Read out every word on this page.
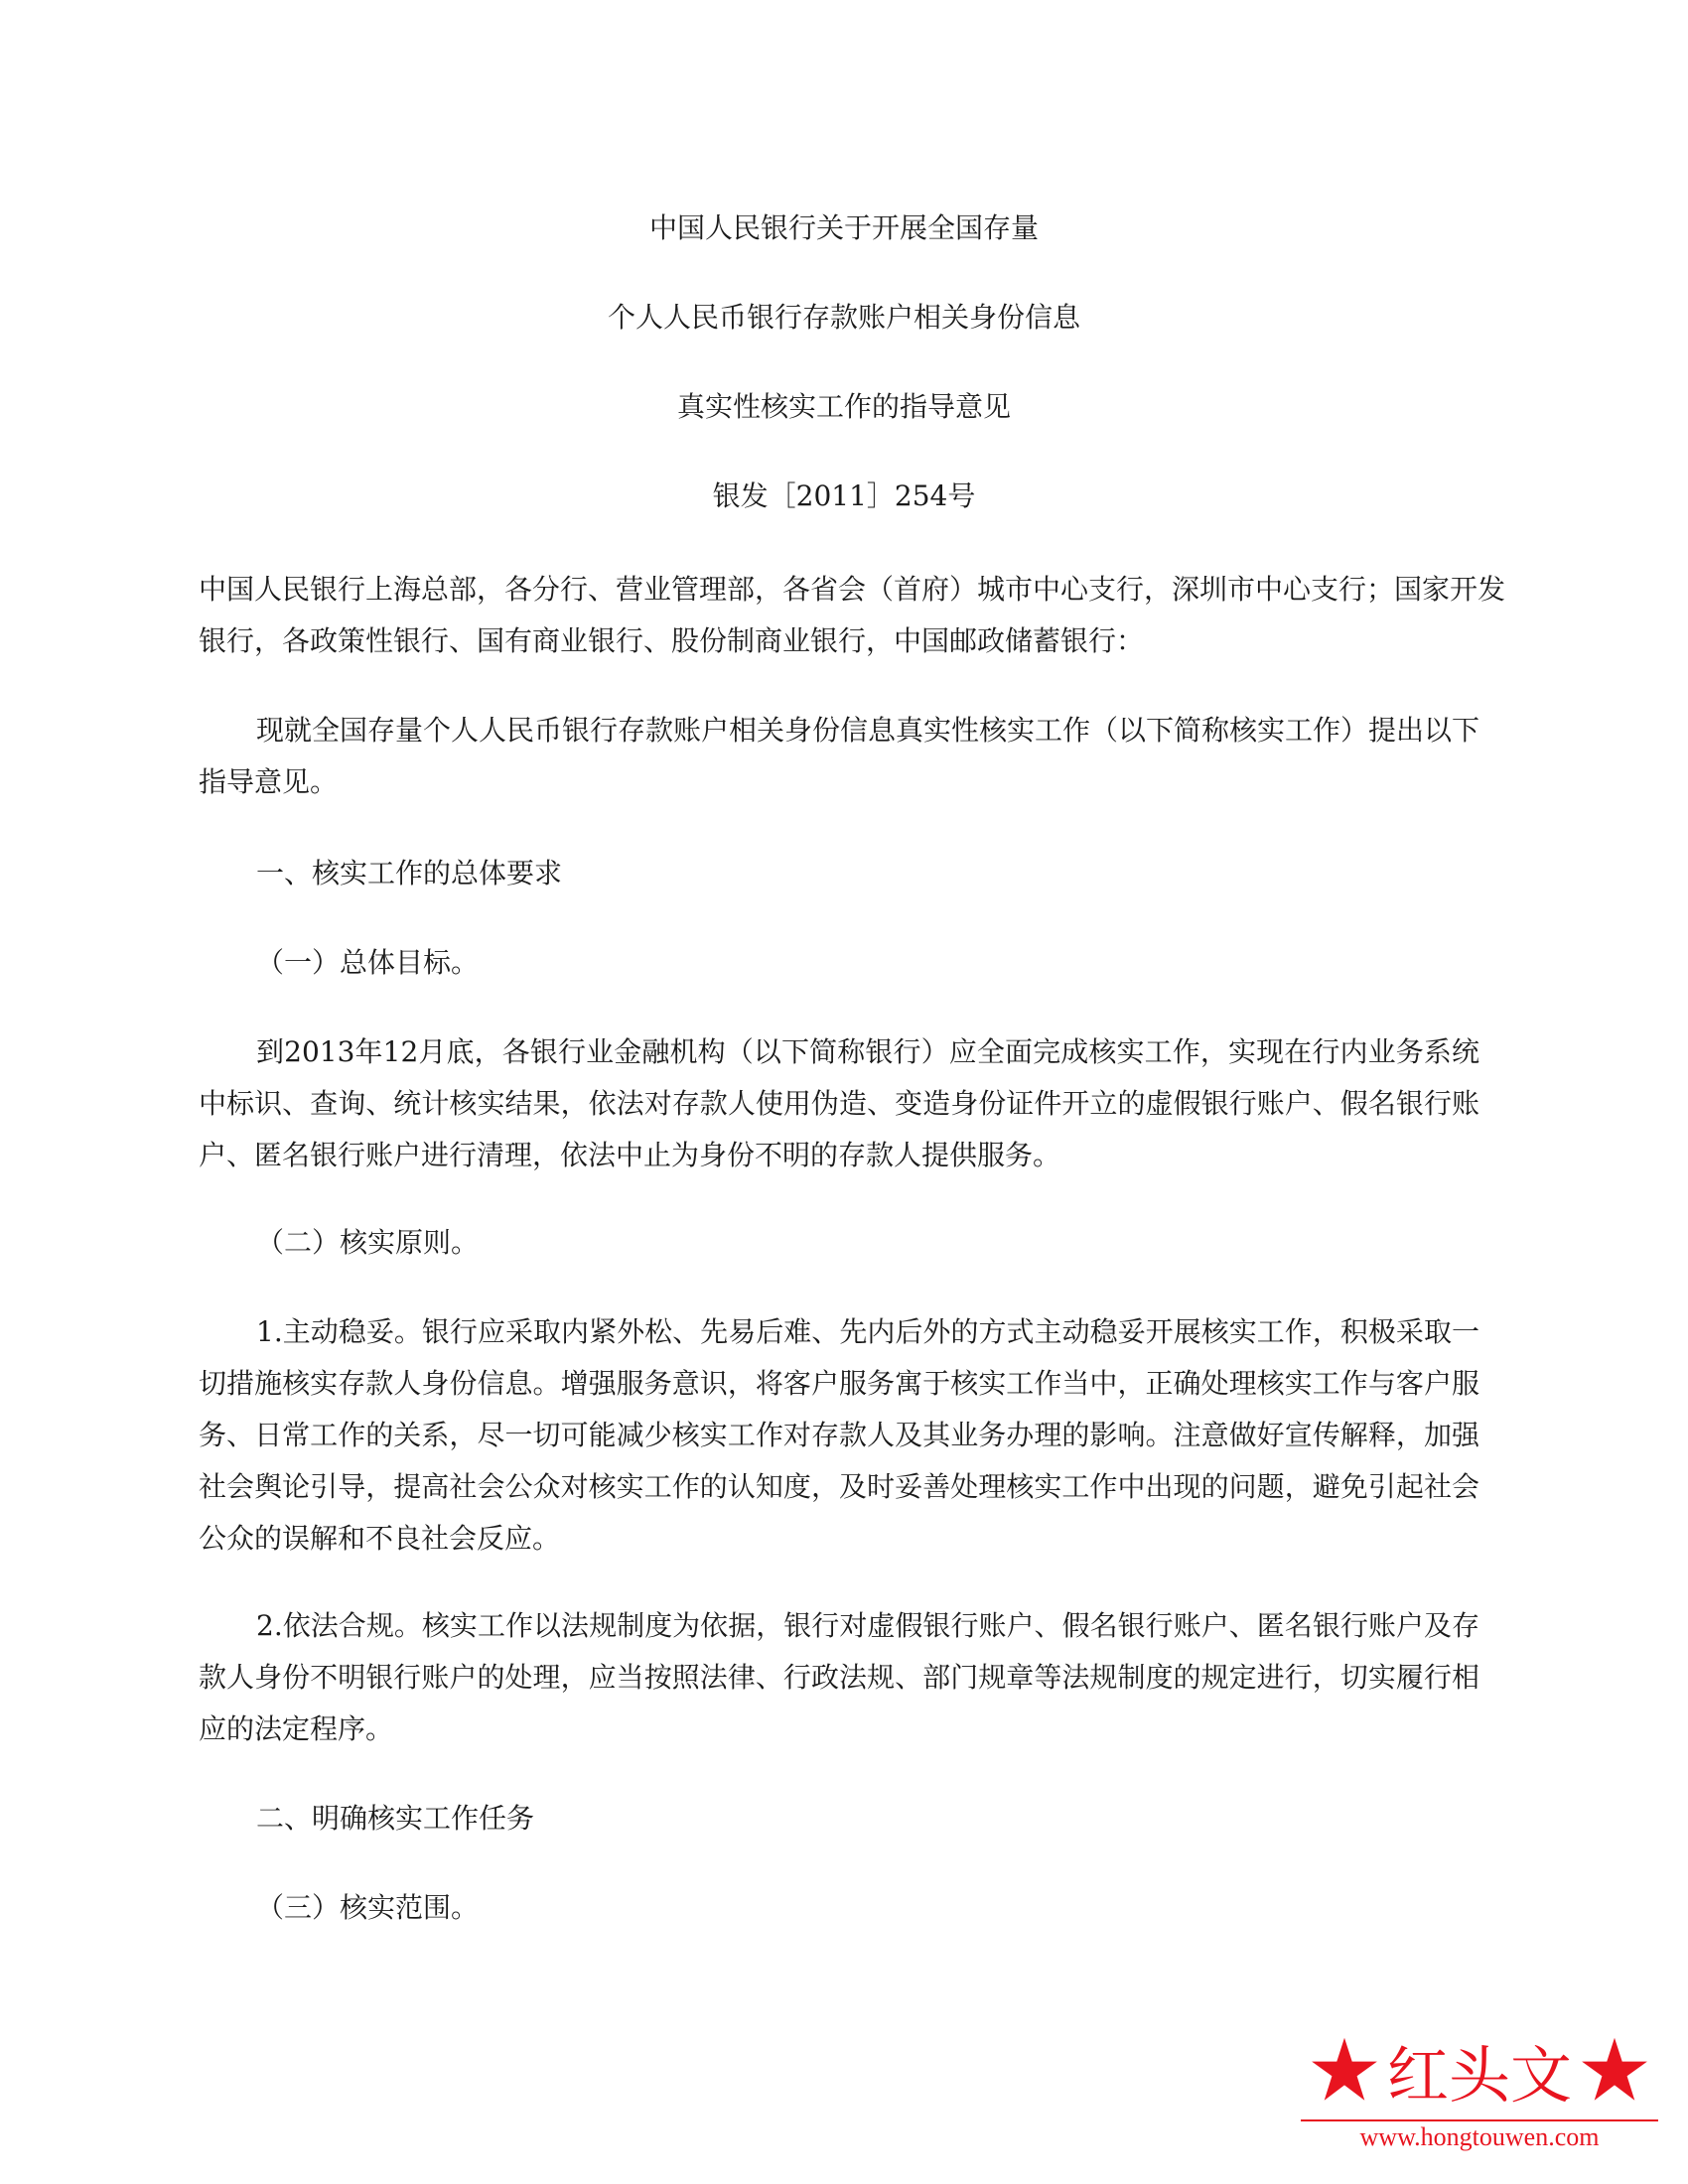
中国人民银行关于开展全国存量
个人人民币银行存款账户相关身份信息
真实性核实工作的指导意见
银发［2011］254号
中国人民银行上海总部，各分行、营业管理部，各省会（首府）城市中心支行，深圳市中心支行；国家开发银行，各政策性银行、国有商业银行、股份制商业银行，中国邮政储蓄银行：
现就全国存量个人人民币银行存款账户相关身份信息真实性核实工作（以下简称核实工作）提出以下指导意见。
一、核实工作的总体要求
（一）总体目标。
到2013年12月底，各银行业金融机构（以下简称银行）应全面完成核实工作，实现在行内业务系统中标识、查询、统计核实结果，依法对存款人使用伪造、变造身份证件开立的虚假银行账户、假名银行账户、匿名银行账户进行清理，依法中止为身份不明的存款人提供服务。
（二）核实原则。
1.主动稳妥。银行应采取内紧外松、先易后难、先内后外的方式主动稳妥开展核实工作，积极采取一切措施核实存款人身份信息。增强服务意识，将客户服务寓于核实工作当中，正确处理核实工作与客户服务、日常工作的关系，尽一切可能减少核实工作对存款人及其业务办理的影响。注意做好宣传解释，加强社会舆论引导，提高社会公众对核实工作的认知度，及时妥善处理核实工作中出现的问题，避免引起社会公众的误解和不良社会反应。
2.依法合规。核实工作以法规制度为依据，银行对虚假银行账户、假名银行账户、匿名银行账户及存款人身份不明银行账户的处理，应当按照法律、行政法规、部门规章等法规制度的规定进行，切实履行相应的法定程序。
二、明确核实工作任务
（三）核实范围。
红头文
www.hongtouwen.com
